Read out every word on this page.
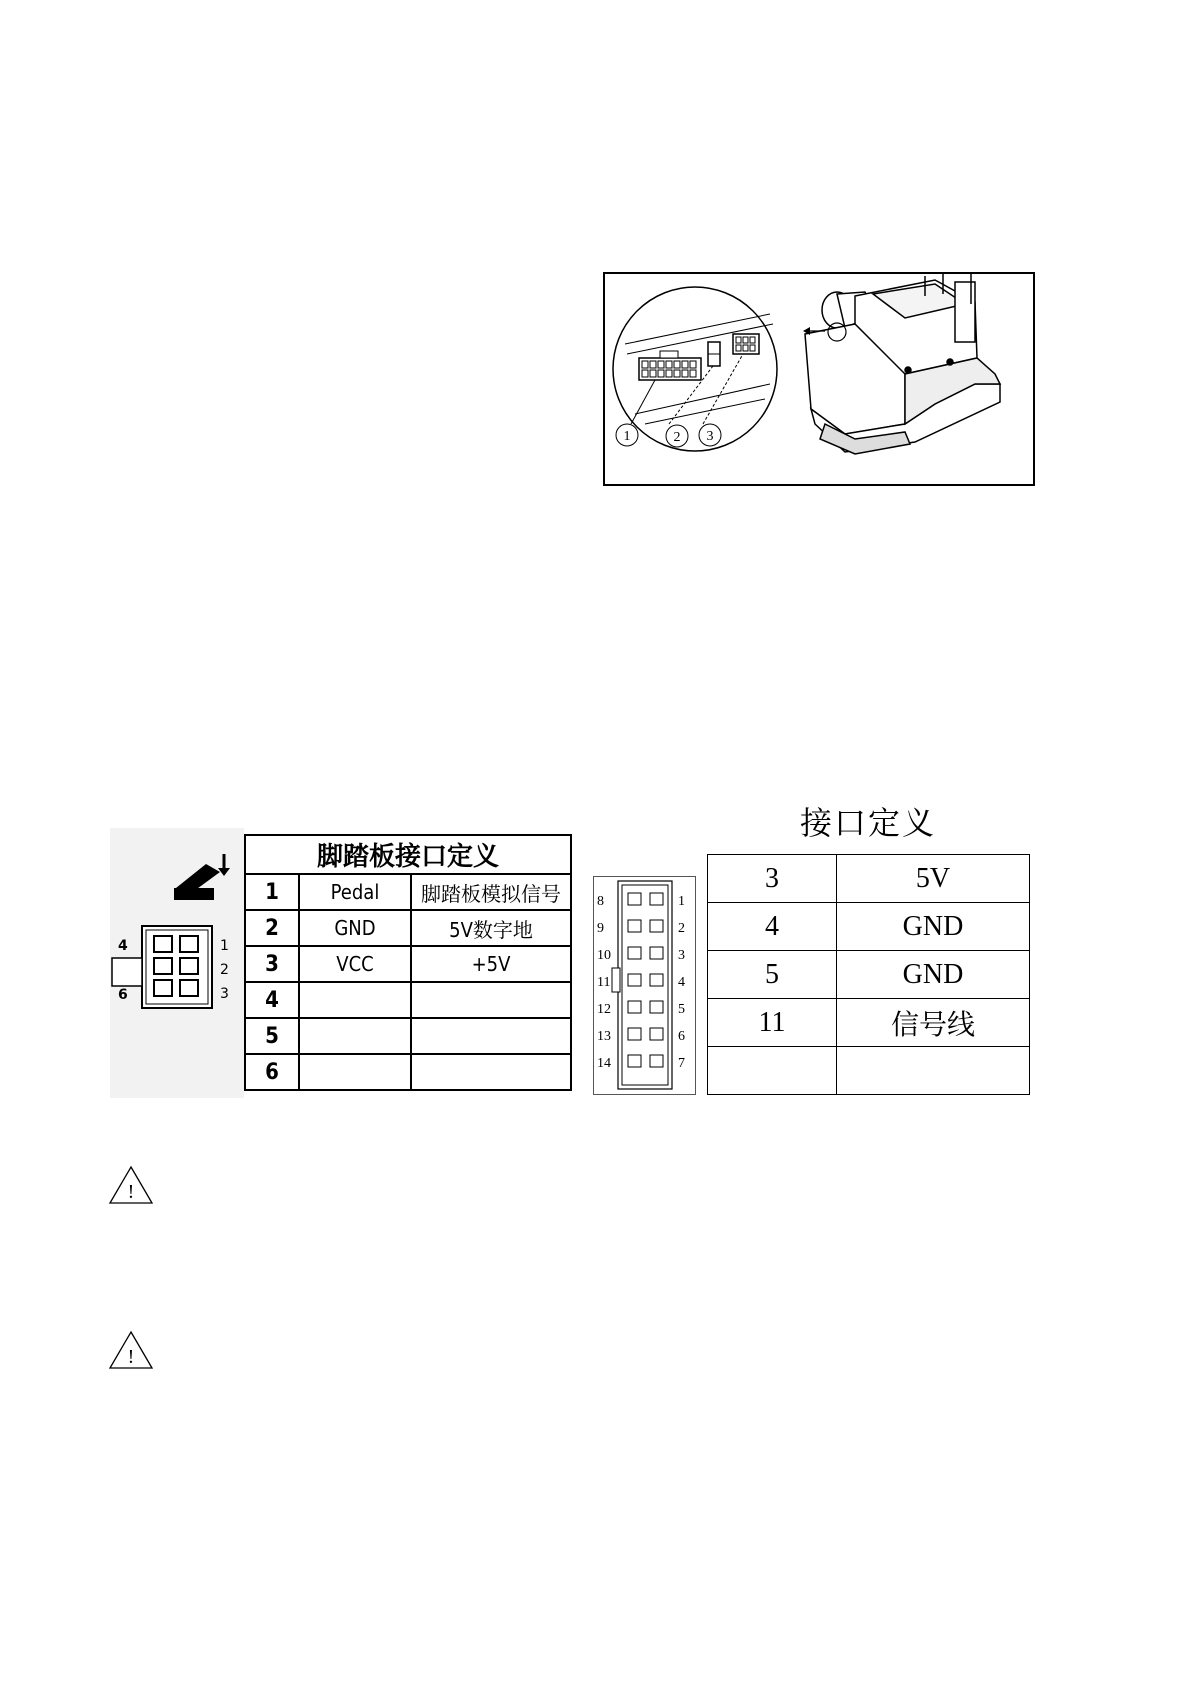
1	2 3
4
6
1
2
3
脚踏板接口定义		
1	Pedal	脚踏板模拟信号
2	GND	5V数字地
3	VCC	+5V
4		
5		
6		
8
9
10
11
12
13
14
1
2
3
4
5
6
7
接口定义
3	5V
4	GND
5	GND
11	信号线

!
!
